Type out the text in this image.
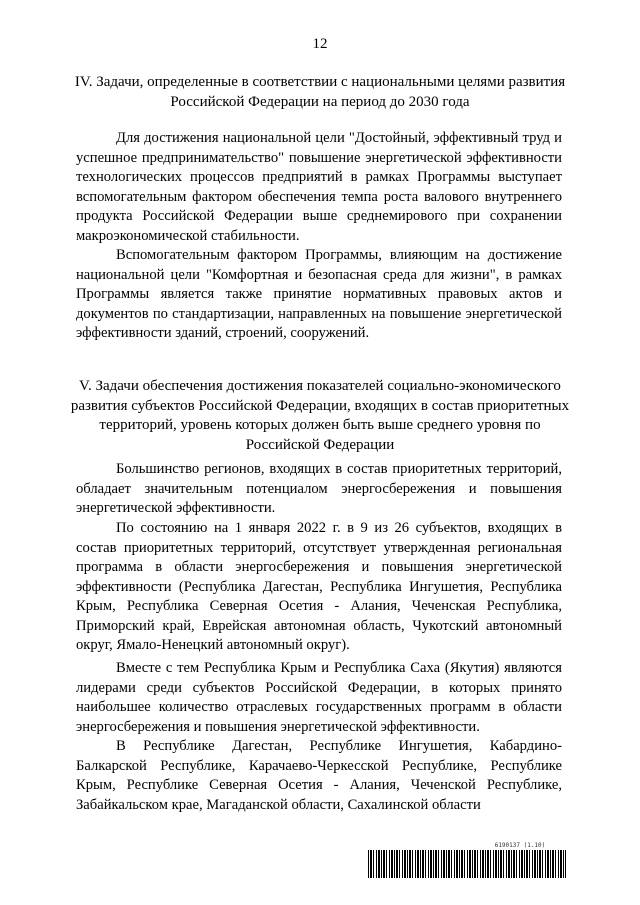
12
IV. Задачи, определенные в соответствии с национальными целями развития Российской Федерации на период до 2030 года

Для достижения национальной цели "Достойный, эффективный труд и успешное предпринимательство" повышение энергетической эффективности технологических процессов предприятий в рамках Программы выступает вспомогательным фактором обеспечения темпа роста валового внутреннего продукта Российской Федерации выше среднемирового при сохранении макроэкономической стабильности.

Вспомогательным фактором Программы, влияющим на достижение национальной цели "Комфортная и безопасная среда для жизни", в рамках Программы является также принятие нормативных правовых актов и документов по стандартизации, направленных на повышение энергетической эффективности зданий, строений, сооружений.

V. Задачи обеспечения достижения показателей социально-экономического развития субъектов Российской Федерации, входящих в состав приоритетных территорий, уровень которых должен быть выше среднего уровня по Российской Федерации

Большинство регионов, входящих в состав приоритетных территорий, обладает значительным потенциалом энергосбережения и повышения энергетической эффективности.

По состоянию на 1 января 2022 г. в 9 из 26 субъектов, входящих в состав приоритетных территорий, отсутствует утвержденная региональная программа в области энергосбережения и повышения энергетической эффективности (Республика Дагестан, Республика Ингушетия, Республика Крым, Республика Северная Осетия - Алания, Чеченская Республика, Приморский край, Еврейская автономная область, Чукотский автономный округ, Ямало-Ненецкий автономный округ).

Вместе с тем Республика Крым и Республика Саха (Якутия) являются лидерами среди субъектов Российской Федерации, в которых принято наибольшее количество отраслевых государственных программ в области энергосбережения и повышения энергетической эффективности.

В Республике Дагестан, Республике Ингушетия, Кабардино-Балкарской Республике, Карачаево-Черкесской Республике, Республике Крым, Республике Северная Осетия - Алания, Чеченской Республике, Забайкальском крае, Магаданской области, Сахалинской области

6190137 (1.10)
